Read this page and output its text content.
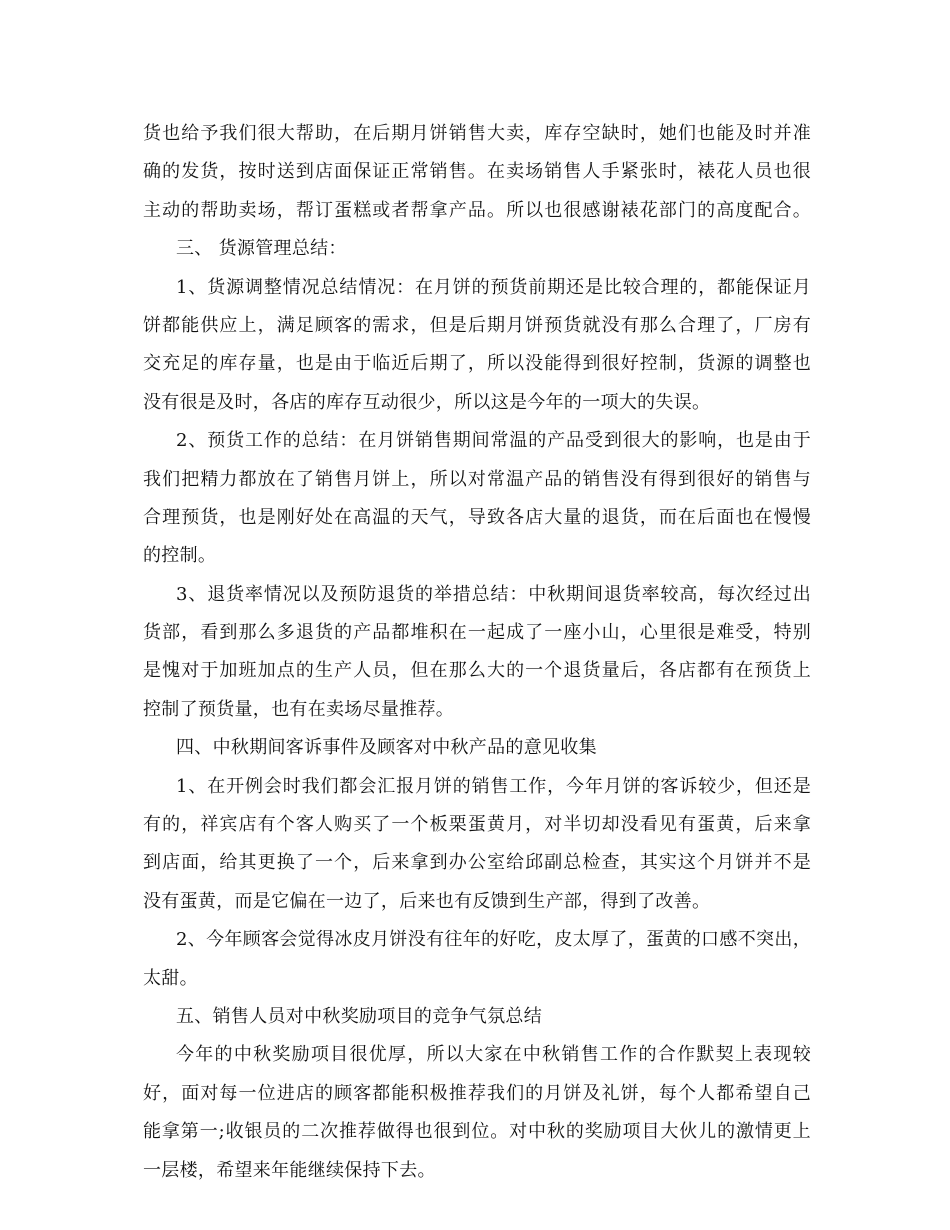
货也给予我们很大帮助，在后期月饼销售大卖，库存空缺时，她们也能及时并准
确的发货，按时送到店面保证正常销售。在卖场销售人手紧张时，裱花人员也很
主动的帮助卖场，帮订蛋糕或者帮拿产品。所以也很感谢裱花部门的高度配合。
三、 货源管理总结：
1、货源调整情况总结情况：在月饼的预货前期还是比较合理的，都能保证月
饼都能供应上，满足顾客的需求，但是后期月饼预货就没有那么合理了，厂房有
交充足的库存量，也是由于临近后期了，所以没能得到很好控制，货源的调整也
没有很是及时，各店的库存互动很少，所以这是今年的一项大的失误。
2、预货工作的总结：在月饼销售期间常温的产品受到很大的影响，也是由于
我们把精力都放在了销售月饼上，所以对常温产品的销售没有得到很好的销售与
合理预货，也是刚好处在高温的天气，导致各店大量的退货，而在后面也在慢慢
的控制。
3、退货率情况以及预防退货的举措总结：中秋期间退货率较高，每次经过出
货部，看到那么多退货的产品都堆积在一起成了一座小山，心里很是难受，特别
是愧对于加班加点的生产人员，但在那么大的一个退货量后，各店都有在预货上
控制了预货量，也有在卖场尽量推荐。
四、中秋期间客诉事件及顾客对中秋产品的意见收集
1、在开例会时我们都会汇报月饼的销售工作，今年月饼的客诉较少，但还是
有的，祥宾店有个客人购买了一个板栗蛋黄月，对半切却没看见有蛋黄，后来拿
到店面，给其更换了一个，后来拿到办公室给邱副总检查，其实这个月饼并不是
没有蛋黄，而是它偏在一边了，后来也有反馈到生产部，得到了改善。
2、今年顾客会觉得冰皮月饼没有往年的好吃，皮太厚了，蛋黄的口感不突出，
太甜。
五、销售人员对中秋奖励项目的竞争气氛总结
今年的中秋奖励项目很优厚，所以大家在中秋销售工作的合作默契上表现较
好，面对每一位进店的顾客都能积极推荐我们的月饼及礼饼，每个人都希望自己
能拿第一;收银员的二次推荐做得也很到位。对中秋的奖励项目大伙儿的激情更上
一层楼，希望来年能继续保持下去。
